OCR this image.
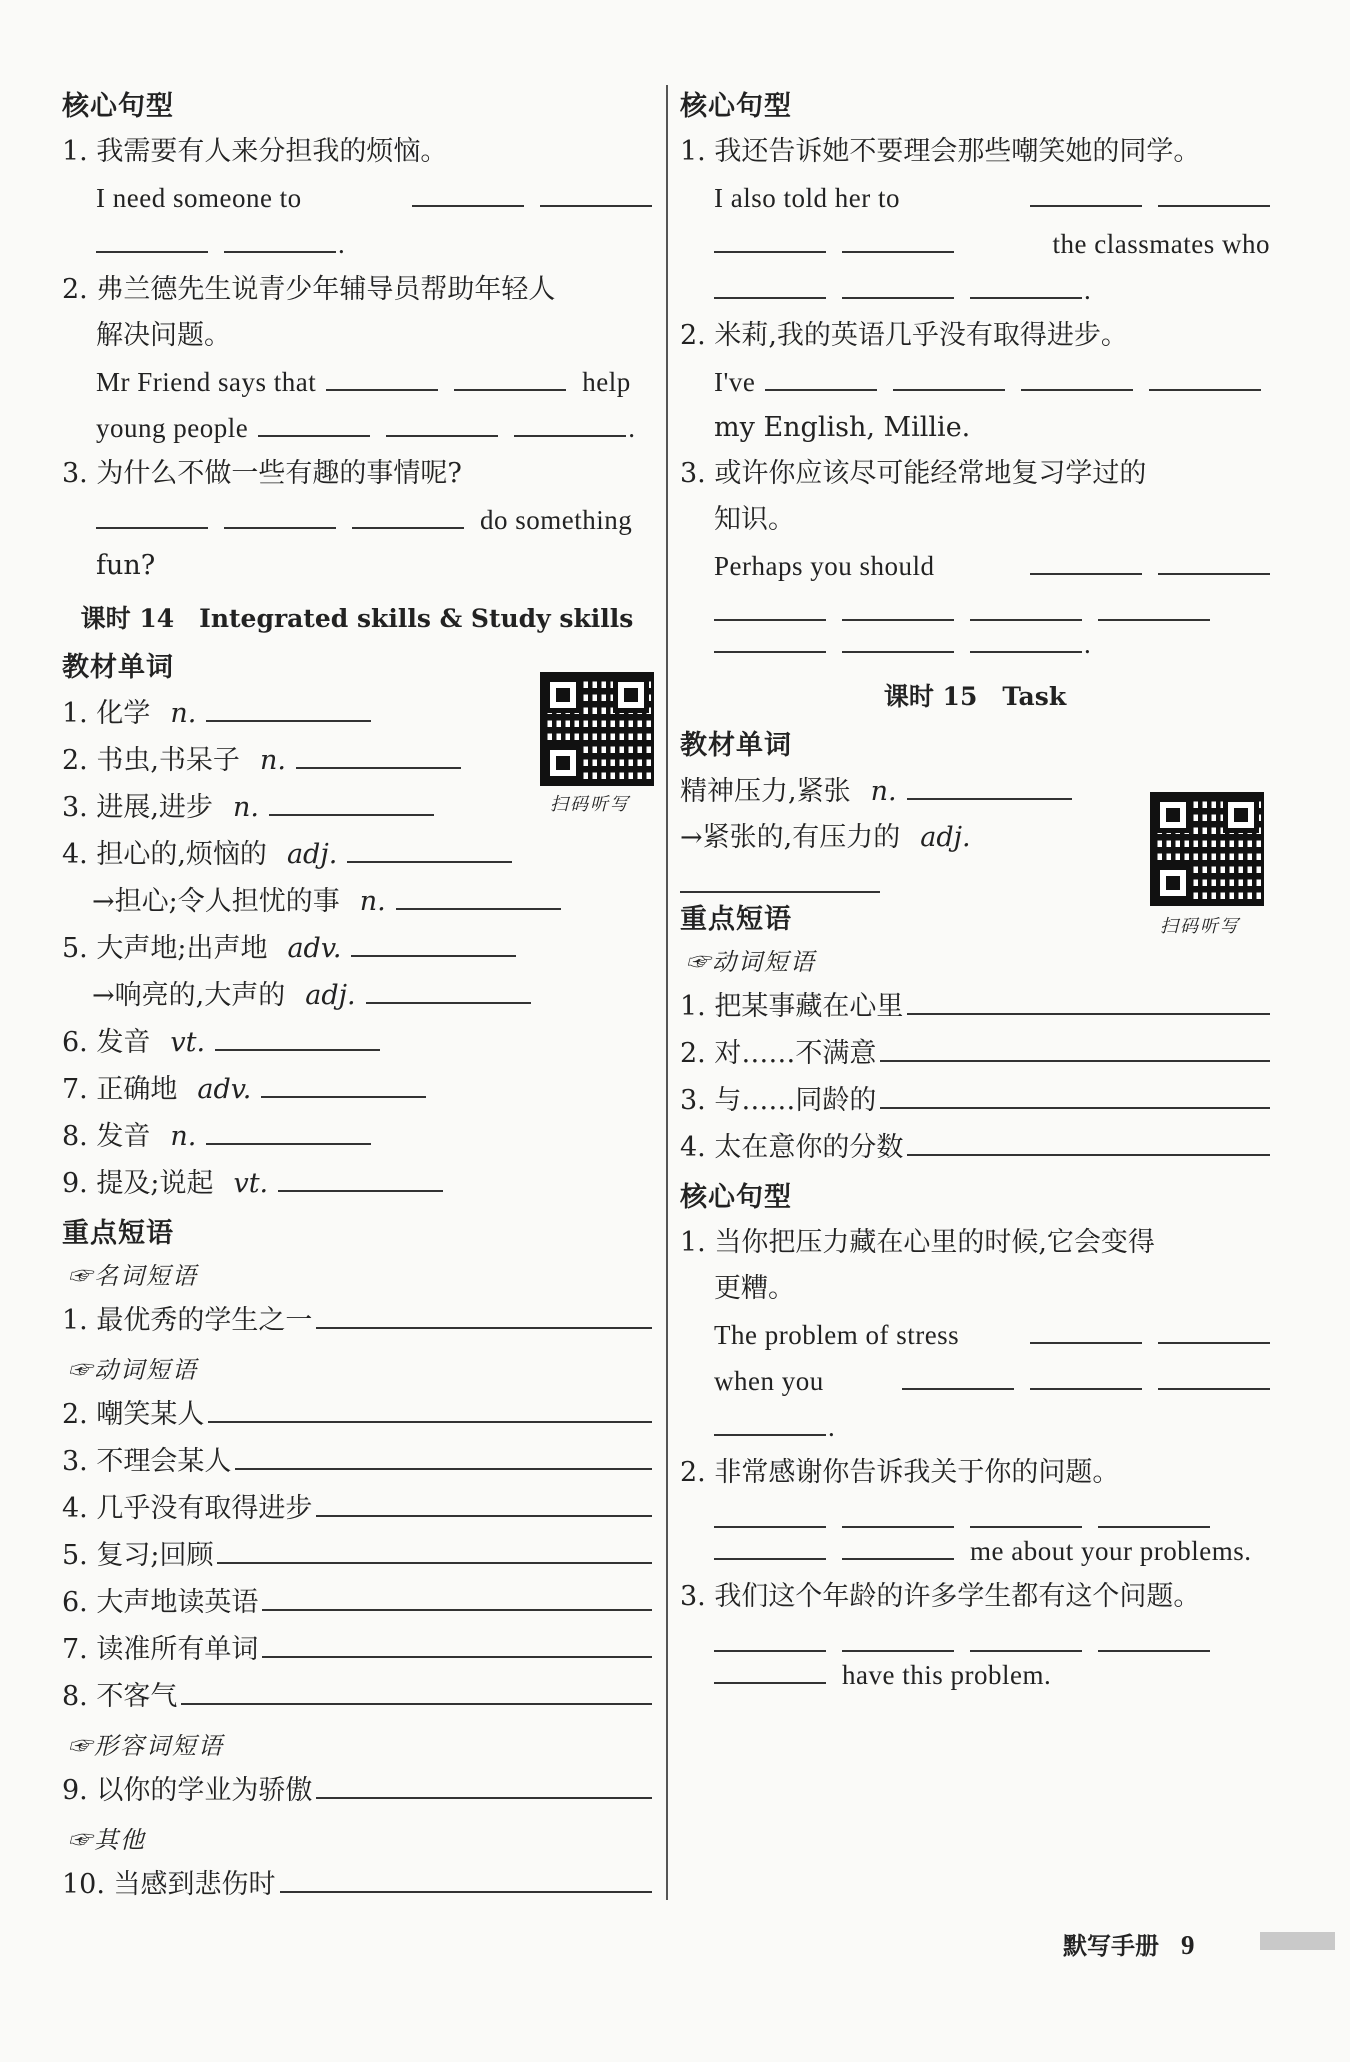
核心句型
1. 我需要有人来分担我的烦恼。
I need someone to
.
2. 弗兰德先生说青少年辅导员帮助年轻人
解决问题。
Mr Friend says that	help
young people	.
3. 为什么不做一些有趣的事情呢?
do something
fun?
课时 14　Integrated skills & Study skills
教材单词
1. 化学 n.
2. 书虫,书呆子 n.
3. 进展,进步 n.
4. 担心的,烦恼的 adj.
→担心;令人担忧的事 n.
5. 大声地;出声地 adv.
→响亮的,大声的 adj.
6. 发音 vt.
7. 正确地 adv.
8. 发音 n.
9. 提及;说起 vt.
重点短语
☞名词短语
1. 最优秀的学生之一
☞动词短语
2. 嘲笑某人
3. 不理会某人
4. 几乎没有取得进步
5. 复习;回顾
6. 大声地读英语
7. 读准所有单词
8. 不客气
☞形容词短语
9. 以你的学业为骄傲
☞其他
10. 当感到悲伤时
扫码听写
核心句型
1. 我还告诉她不要理会那些嘲笑她的同学。
I also told her to
the classmates who
.
2. 米莉,我的英语几乎没有取得进步。
I've
my English, Millie.
3. 或许你应该尽可能经常地复习学过的
知识。
Perhaps you should
.
课时 15　Task
教材单词
精神压力,紧张 n.
→紧张的,有压力的 adj.
重点短语
☞动词短语
1. 把某事藏在心里
2. 对……不满意
3. 与……同龄的
4. 太在意你的分数
核心句型
1. 当你把压力藏在心里的时候,它会变得
更糟。
The problem of stress
when you
.
2. 非常感谢你告诉我关于你的问题。
me about your problems.
3. 我们这个年龄的许多学生都有这个问题。
have this problem.
扫码听写
默写手册 9
